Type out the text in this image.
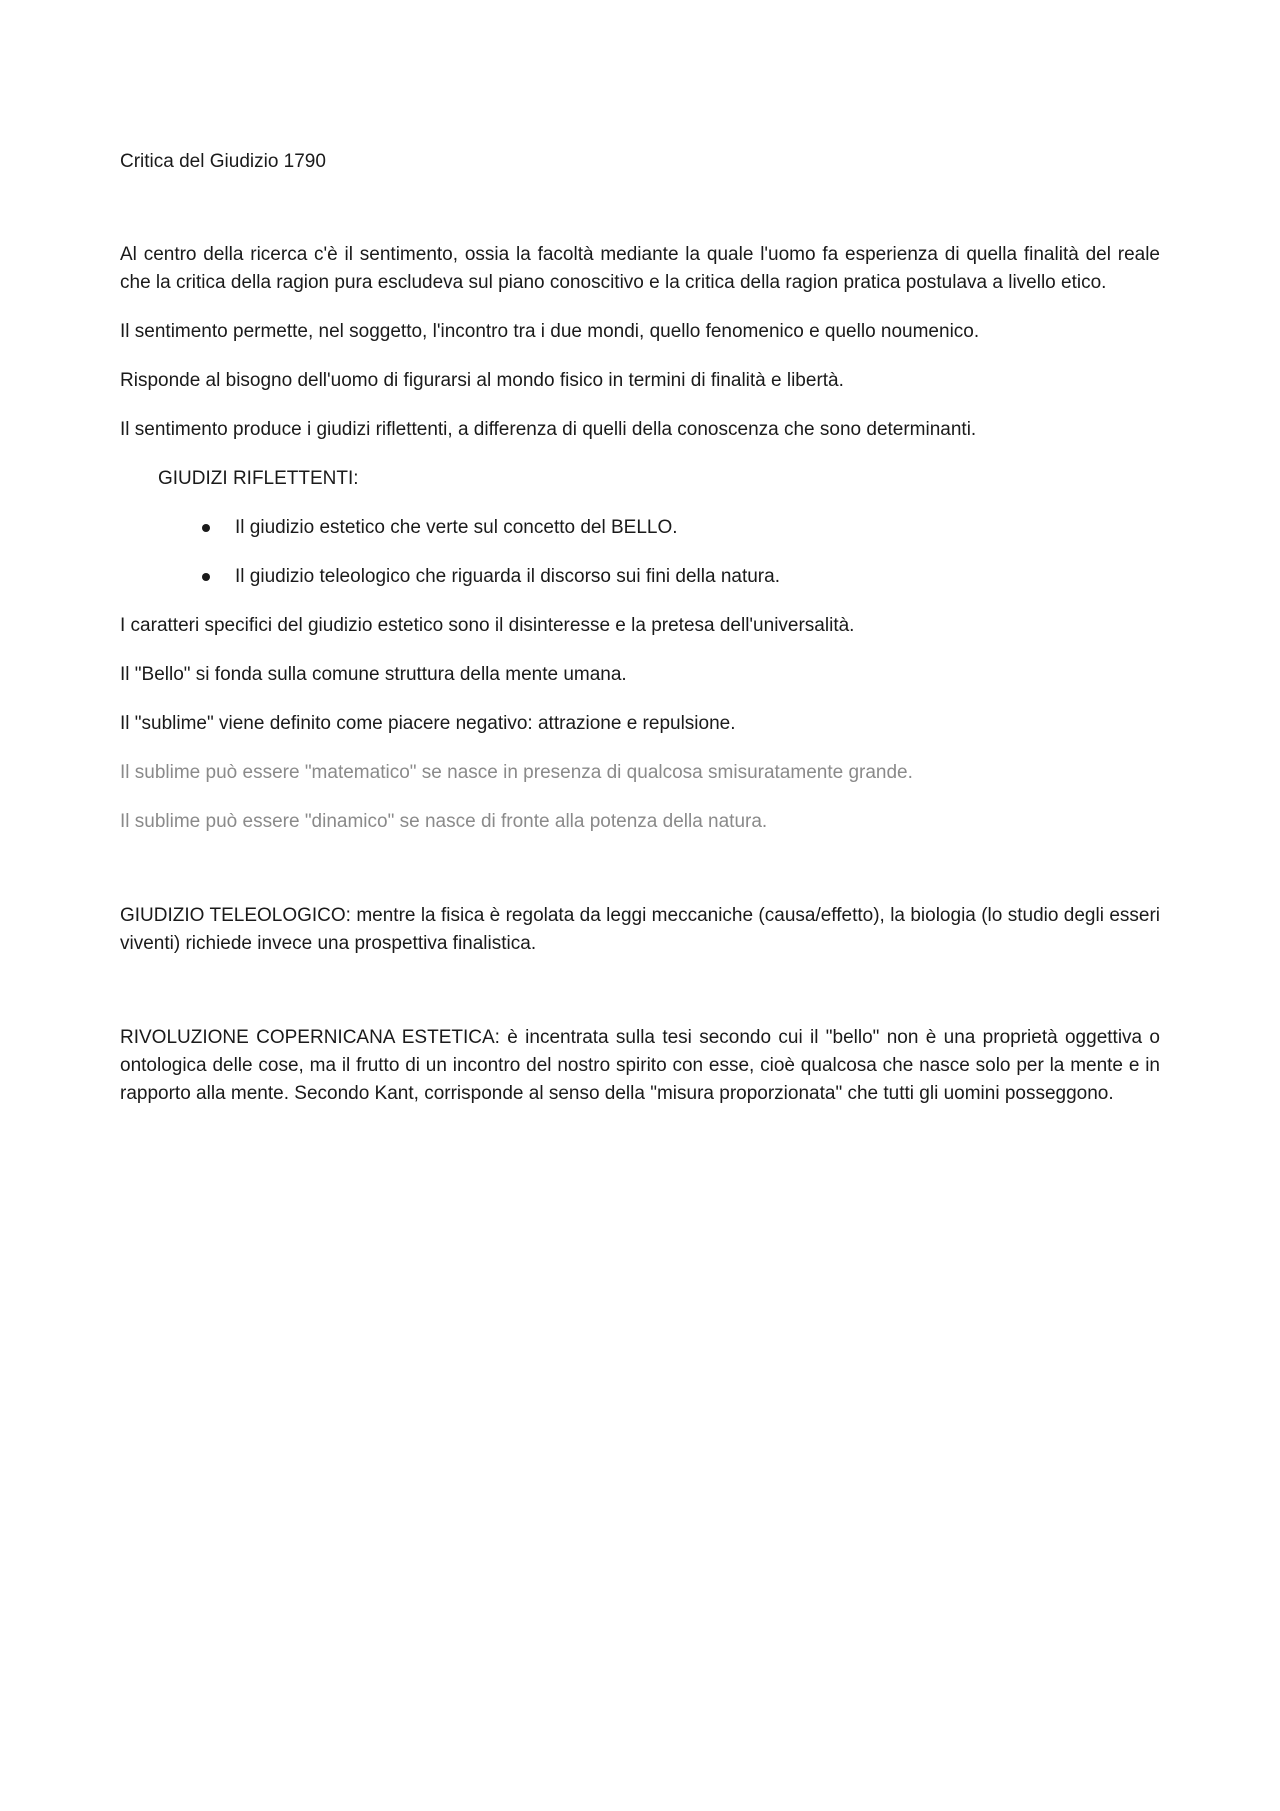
Critica del Giudizio 1790

Al centro della ricerca c'è il sentimento, ossia la facoltà mediante la quale l'uomo fa esperienza di quella finalità del reale che la critica della ragion pura escludeva sul piano conoscitivo e la critica della ragion pratica postulava a livello etico.

Il sentimento permette, nel soggetto, l'incontro tra i due mondi, quello fenomenico e quello noumenico.

Risponde al bisogno dell'uomo di figurarsi al mondo fisico in termini di finalità e libertà.

Il sentimento produce i giudizi riflettenti, a differenza di quelli della conoscenza che sono determinanti.

GIUDIZI RIFLETTENTI:

Il giudizio estetico che verte sul concetto del BELLO.
Il giudizio teleologico che riguarda il discorso sui fini della natura.

I caratteri specifici del giudizio estetico sono il disinteresse e la pretesa dell'universalità.

Il "Bello" si fonda sulla comune struttura della mente umana.

Il "sublime" viene definito come piacere negativo: attrazione e repulsione.

Il sublime può essere "matematico" se nasce in presenza di qualcosa smisuratamente grande.

Il sublime può essere "dinamico" se nasce di fronte alla potenza della natura.

GIUDIZIO TELEOLOGICO: mentre la fisica è regolata da leggi meccaniche (causa/effetto), la biologia (lo studio degli esseri viventi) richiede invece una prospettiva finalistica.

RIVOLUZIONE COPERNICANA ESTETICA: è incentrata sulla tesi secondo cui il "bello" non è una proprietà oggettiva o ontologica delle cose, ma il frutto di un incontro del nostro spirito con esse, cioè qualcosa che nasce solo per la mente e in rapporto alla mente. Secondo Kant, corrisponde al senso della "misura proporzionata" che tutti gli uomini posseggono.
